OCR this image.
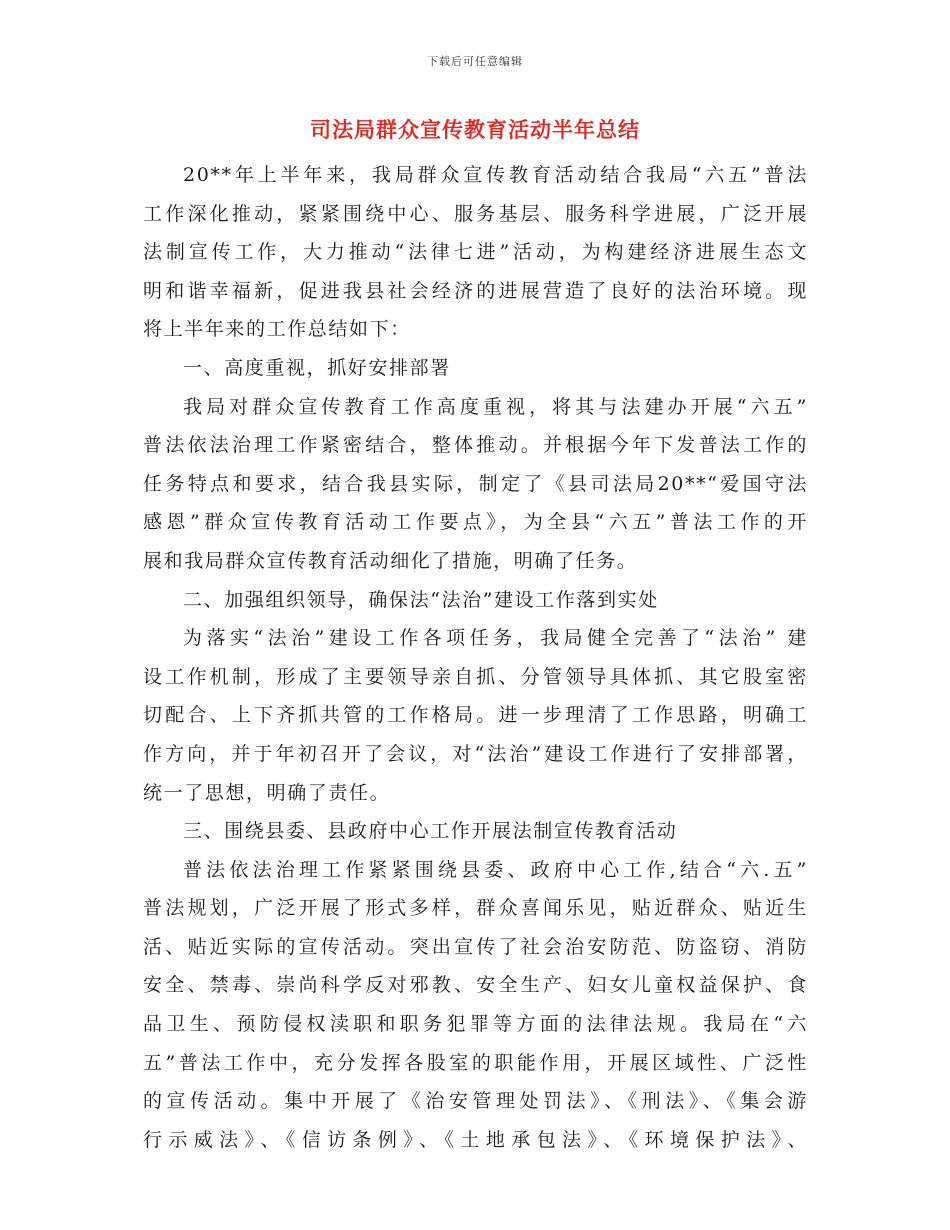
下载后可任意编辑
司法局群众宣传教育活动半年总结
20**年上半年来，我局群众宣传教育活动结合我局“六五”普法
工作深化推动，紧紧围绕中心、服务基层、服务科学进展，广泛开展
法制宣传工作，大力推动“法律七进”活动，为构建经济进展生态文
明和谐幸福新，促进我县社会经济的进展营造了良好的法治环境。现
将上半年来的工作总结如下：
一、高度重视，抓好安排部署
我局对群众宣传教育工作高度重视，将其与法建办开展“六五”
普法依法治理工作紧密结合，整体推动。并根据今年下发普法工作的
任务特点和要求，结合我县实际，制定了《县司法局20**“爱国守法
感恩”群众宣传教育活动工作要点》，为全县“六五”普法工作的开
展和我局群众宣传教育活动细化了措施，明确了任务。
二、加强组织领导，确保法“法治”建设工作落到实处
为落实“法治”建设工作各项任务，我局健全完善了“法治” 建
设工作机制，形成了主要领导亲自抓、分管领导具体抓、其它股室密
切配合、上下齐抓共管的工作格局。进一步理清了工作思路，明确工
作方向，并于年初召开了会议，对“法治”建设工作进行了安排部署，
统一了思想，明确了责任。
三、围绕县委、县政府中心工作开展法制宣传教育活动
普法依法治理工作紧紧围绕县委、政府中心工作,结合“六.五”
普法规划，广泛开展了形式多样，群众喜闻乐见，贴近群众、贴近生
活、贴近实际的宣传活动。突出宣传了社会治安防范、防盗窃、消防
安全、禁毒、崇尚科学反对邪教、安全生产、妇女儿童权益保护、食
品卫生、预防侵权渎职和职务犯罪等方面的法律法规。我局在“六
五”普法工作中，充分发挥各股室的职能作用，开展区域性、广泛性
的宣传活动。集中开展了《治安管理处罚法》、《刑法》、《集会游
行示威法》、《信访条例》、《土地承包法》、《环境保护法》、
